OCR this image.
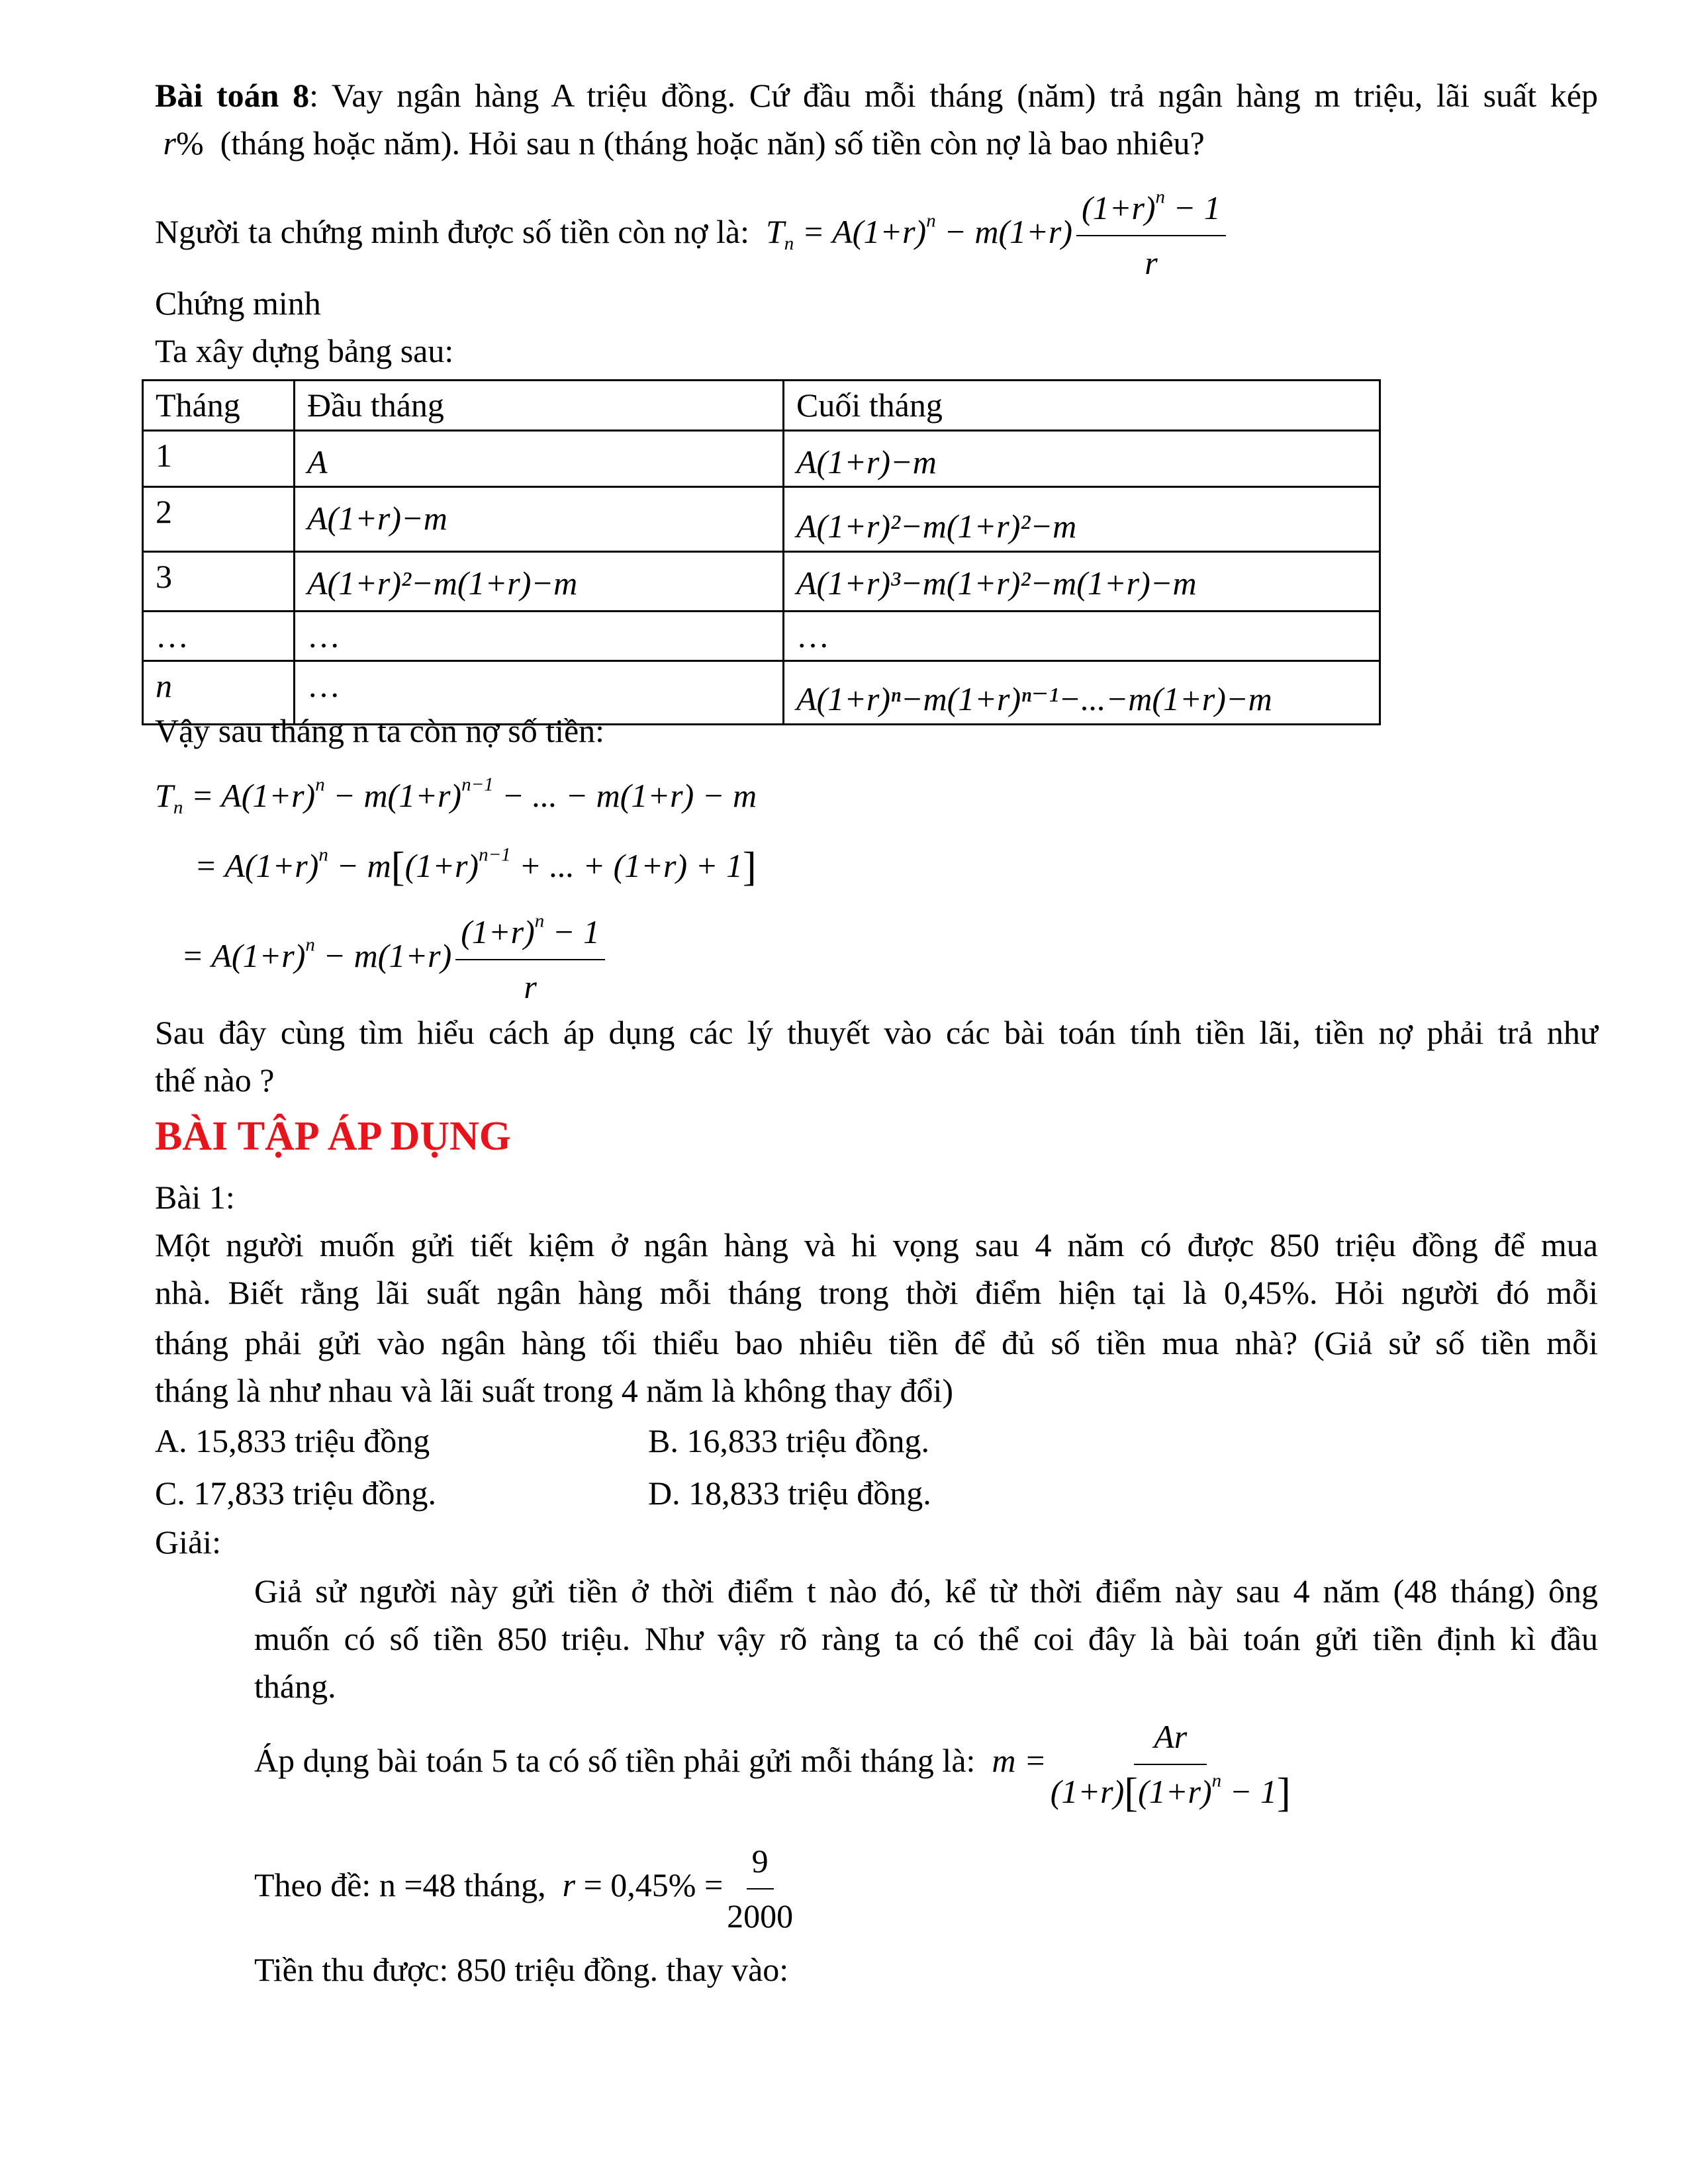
Bài toán 8: Vay ngân hàng A triệu đồng. Cứ đầu mỗi tháng (năm) trả ngân hàng m triệu, lãi suất kép
r%  (tháng hoặc năm). Hỏi sau n (tháng hoặc năn) số tiền còn nợ là bao nhiêu?
Người ta chứng minh được số tiền còn nợ là:  $T_n = A(1+r)^n - m(1+r) \frac{(1+r)^n - 1}{r}$
Chứng minh
Ta xây dựng bảng sau:
Tháng	Đầu tháng	Cuối tháng
1	A	A(1+r)−m
2	A(1+r)−m	A(1+r)²−m(1+r)²−m
3	A(1+r)²−m(1+r)−m	A(1+r)³−m(1+r)²−m(1+r)−m
…	…	…
n	…	A(1+r)ⁿ−m(1+r)ⁿ⁻¹−...−m(1+r)−m
Vậy sau tháng n ta còn nợ số tiền:
$T_n = A(1+r)^n - m(1+r)^{n-1}$ − ... − m(1+r) − m
= $A(1+r)^n - m[(1+r)^{n-1}$ + ... + (1+r) + 1]
= $A(1+r)^n - m(1+r) \frac{(1+r)^n - 1}{r}$
Sau đây cùng tìm hiểu cách áp dụng các lý thuyết vào các bài toán tính tiền lãi, tiền nợ phải trả như
thế nào ?
BÀI TẬP ÁP DỤNG
Bài 1:
Một người muốn gửi tiết kiệm ở ngân hàng và hi vọng sau 4 năm có được 850 triệu đồng để mua
nhà. Biết rằng lãi suất ngân hàng mỗi tháng trong thời điểm hiện tại là 0,45%. Hỏi người đó mỗi
tháng phải gửi vào ngân hàng tối thiểu bao nhiêu tiền để đủ số tiền mua nhà? (Giả sử số tiền mỗi
tháng là như nhau và lãi suất trong 4 năm là không thay đổi)
A. 15,833 triệu đồng	B. 16,833 triệu đồng.
C. 17,833 triệu đồng.	D. 18,833 triệu đồng.
Giải:
Giả sử người này gửi tiền ở thời điểm t nào đó, kể từ thời điểm này sau 4 năm (48 tháng) ông
muốn có số tiền 850 triệu. Như vậy rõ ràng ta có thể coi đây là bài toán gửi tiền định kì đầu
tháng.
Áp dụng bài toán 5 ta có số tiền phải gửi mỗi tháng là:  $m = \frac{Ar}{(1+r)[(1+r)^n - 1]}$
Theo đề: n =48 tháng,  $r = 0,45\% = \frac{9}{2000}$
Tiền thu được: 850 triệu đồng. thay vào:
